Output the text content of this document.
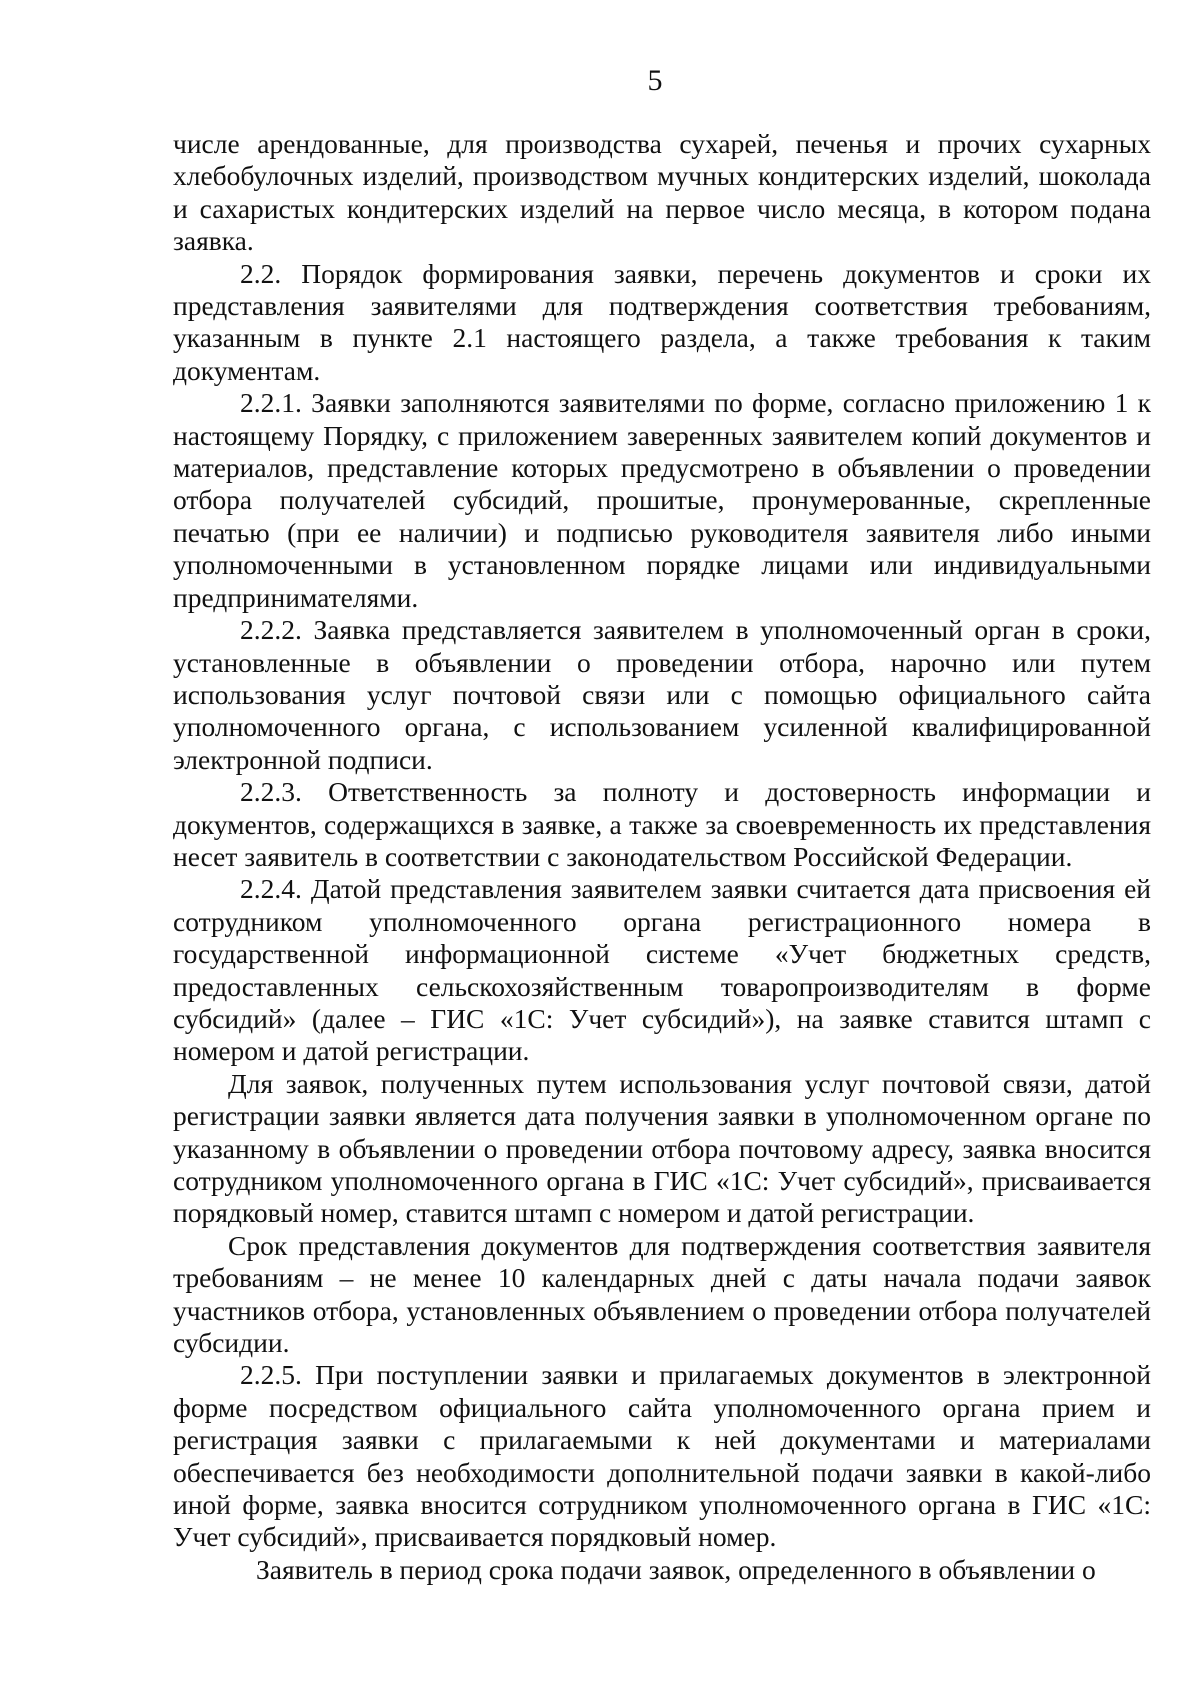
5

числе арендованные, для производства сухарей, печенья и прочих сухарных хлебобулочных изделий, производством мучных кондитерских изделий, шоколада и сахаристых кондитерских изделий на первое число месяца, в котором подана заявка.

2.2. Порядок формирования заявки, перечень документов и сроки их представления заявителями для подтверждения соответствия требованиям, указанным в пункте 2.1 настоящего раздела, а также требования к таким документам.

2.2.1. Заявки заполняются заявителями по форме, согласно приложению 1 к настоящему Порядку, с приложением заверенных заявителем копий документов и материалов, представление которых предусмотрено в объявлении о проведении отбора получателей субсидий, прошитые, пронумерованные, скрепленные печатью (при ее наличии) и подписью руководителя заявителя либо иными уполномоченными в установленном порядке лицами или индивидуальными предпринимателями.

2.2.2. Заявка представляется заявителем в уполномоченный орган в сроки, установленные в объявлении о проведении отбора, нарочно или путем использования услуг почтовой связи или с помощью официального сайта уполномоченного органа, с использованием усиленной квалифицированной электронной подписи.

2.2.3. Ответственность за полноту и достоверность информации и документов, содержащихся в заявке, а также за своевременность их представления несет заявитель в соответствии с законодательством Российской Федерации.

2.2.4. Датой представления заявителем заявки считается дата присвоения ей сотрудником уполномоченного органа регистрационного номера в государственной информационной системе «Учет бюджетных средств, предоставленных сельскохозяйственным товаропроизводителям в форме субсидий» (далее – ГИС «1С: Учет субсидий»), на заявке ставится штамп с номером и датой регистрации.

Для заявок, полученных путем использования услуг почтовой связи, датой регистрации заявки является дата получения заявки в уполномоченном органе по указанному в объявлении о проведении отбора почтовому адресу, заявка вносится сотрудником уполномоченного органа в ГИС «1С: Учет субсидий», присваивается порядковый номер, ставится штамп с номером и датой регистрации.

Срок представления документов для подтверждения соответствия заявителя требованиям – не менее 10 календарных дней с даты начала подачи заявок участников отбора, установленных объявлением о проведении отбора получателей субсидии.

2.2.5. При поступлении заявки и прилагаемых документов в электронной форме посредством официального сайта уполномоченного органа прием и регистрация заявки с прилагаемыми к ней документами и материалами обеспечивается без необходимости дополнительной подачи заявки в какой-либо иной форме, заявка вносится сотрудником уполномоченного органа в ГИС «1С: Учет субсидий», присваивается порядковый номер.

Заявитель в период срока подачи заявок, определенного в объявлении о
